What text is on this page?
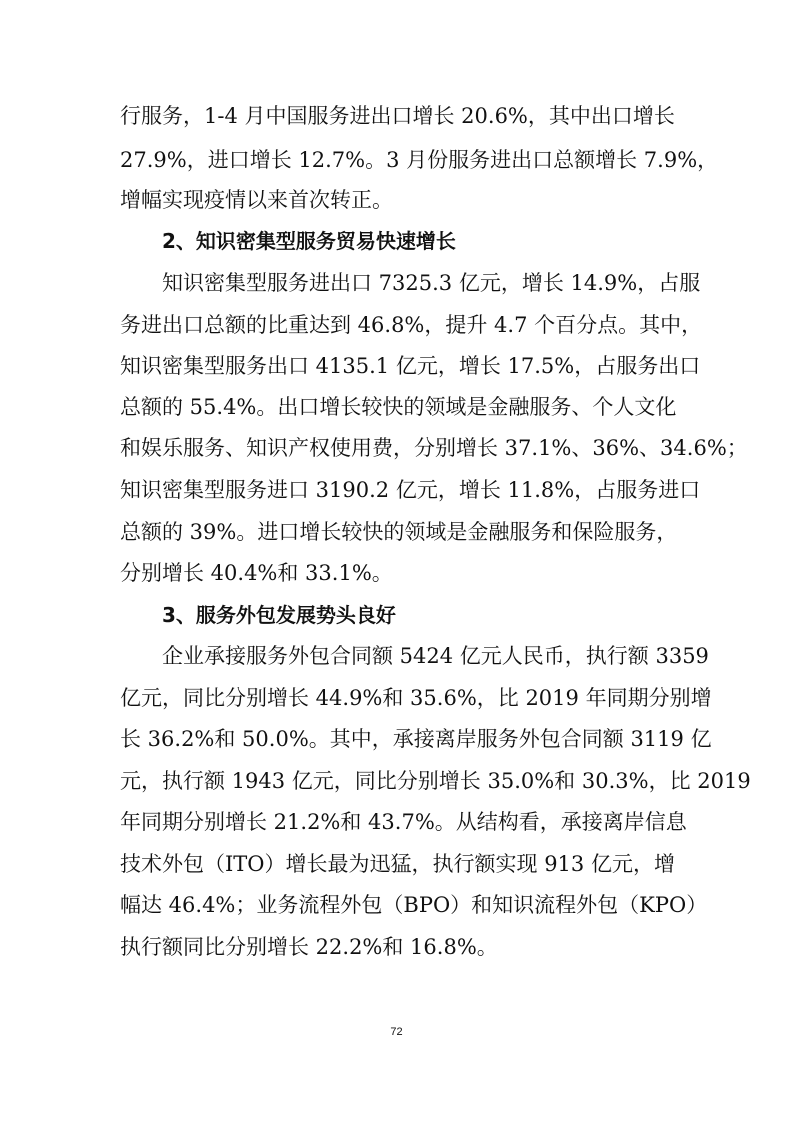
行服务，1-4 月中国服务进出口增长 20.6%，其中出口增长
27.9%，进口增长 12.7%。3 月份服务进出口总额增长 7.9%，
增幅实现疫情以来首次转正。
2、知识密集型服务贸易快速增长
知识密集型服务进出口 7325.3 亿元，增长 14.9%，占服
务进出口总额的比重达到 46.8%，提升 4.7 个百分点。其中，
知识密集型服务出口 4135.1 亿元，增长 17.5%，占服务出口
总额的 55.4%。出口增长较快的领域是金融服务、个人文化
和娱乐服务、知识产权使用费，分别增长 37.1%、36%、34.6%；
知识密集型服务进口 3190.2 亿元，增长 11.8%，占服务进口
总额的 39%。进口增长较快的领域是金融服务和保险服务，
分别增长 40.4%和 33.1%。
3、服务外包发展势头良好
企业承接服务外包合同额 5424 亿元人民币，执行额 3359
亿元，同比分别增长 44.9%和 35.6%，比 2019 年同期分别增
长 36.2%和 50.0%。其中，承接离岸服务外包合同额 3119 亿
元，执行额 1943 亿元，同比分别增长 35.0%和 30.3%，比 2019
年同期分别增长 21.2%和 43.7%。从结构看，承接离岸信息
技术外包（ITO）增长最为迅猛，执行额实现 913 亿元，增
幅达 46.4%；业务流程外包（BPO）和知识流程外包（KPO）
执行额同比分别增长 22.2%和 16.8%。
72
